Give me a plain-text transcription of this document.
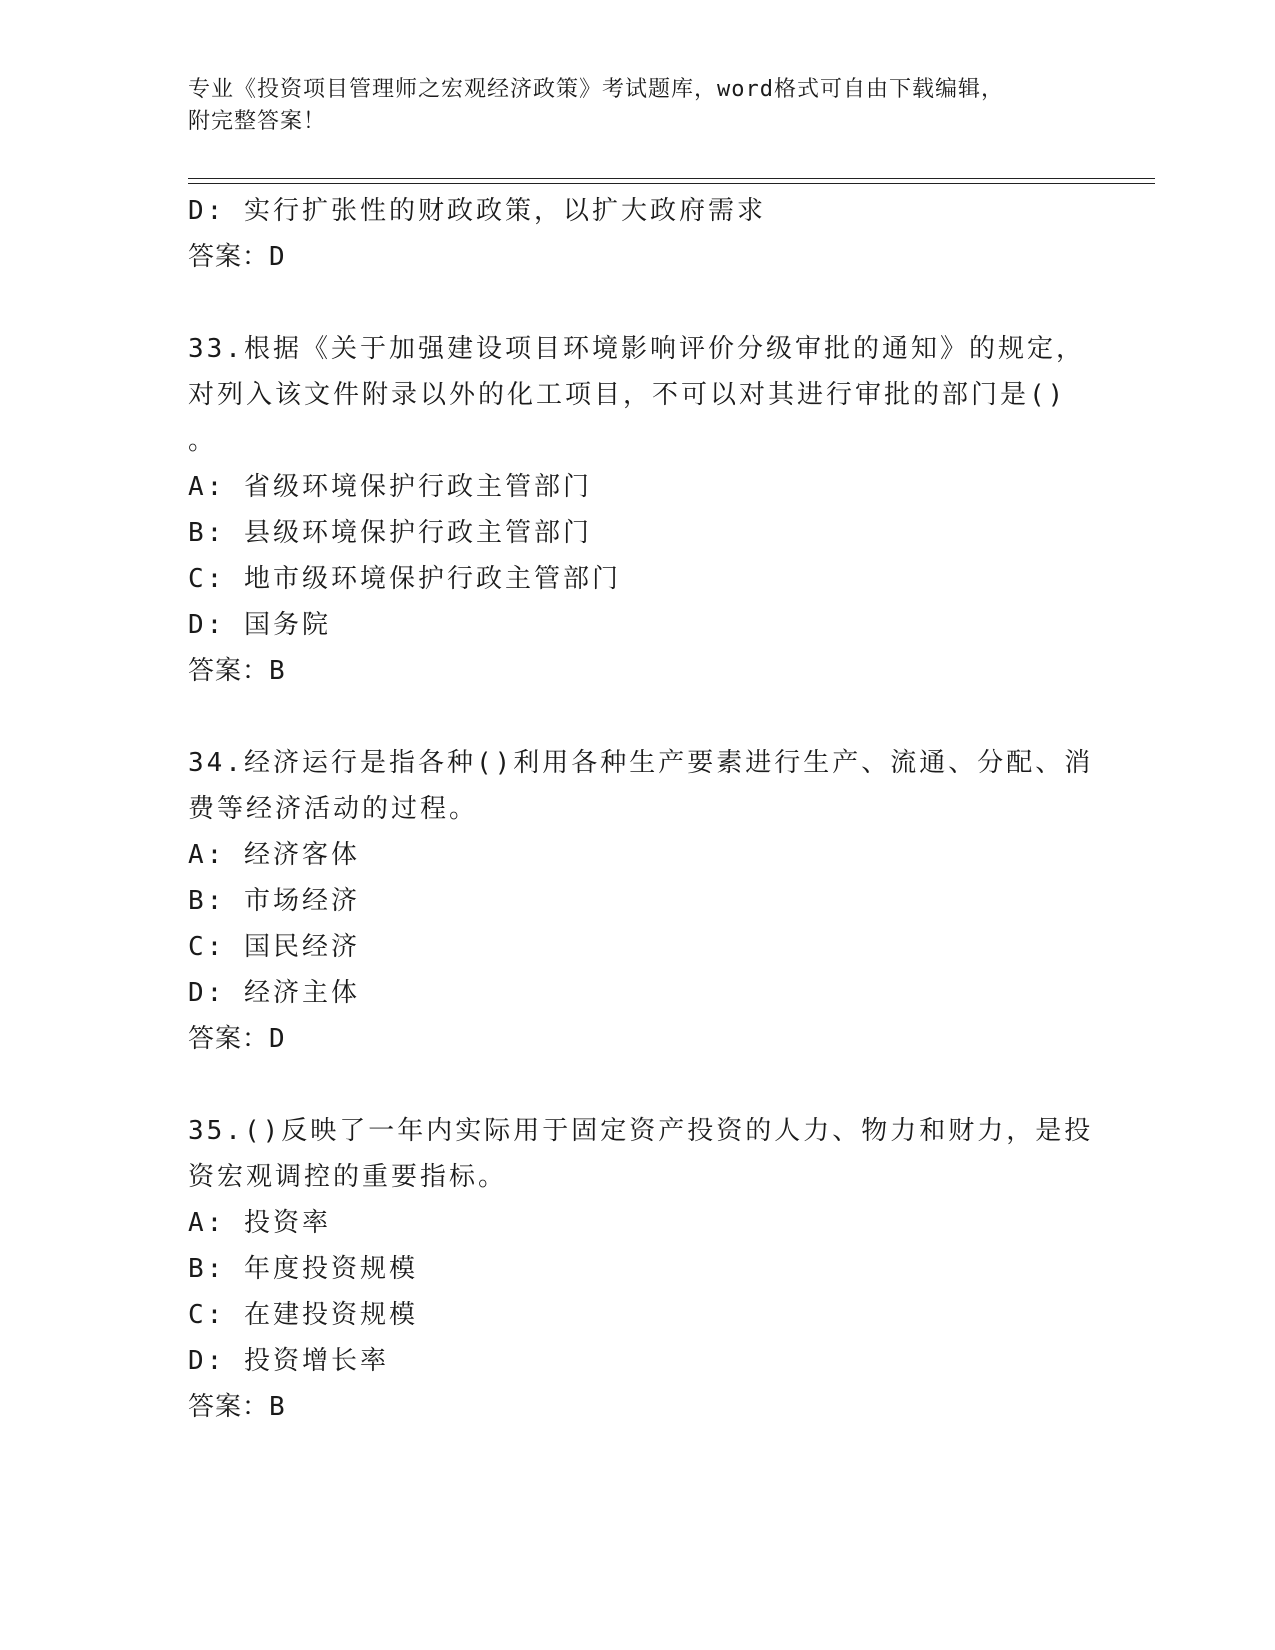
专业《投资项目管理师之宏观经济政策》考试题库，word格式可自由下载编辑，
附完整答案！
D: 实行扩张性的财政政策，以扩大政府需求
答案：D
33.根据《关于加强建设项目环境影响评价分级审批的通知》的规定，
对列入该文件附录以外的化工项目，不可以对其进行审批的部门是()
。
A: 省级环境保护行政主管部门
B: 县级环境保护行政主管部门
C: 地市级环境保护行政主管部门
D: 国务院
答案：B
34.经济运行是指各种()利用各种生产要素进行生产、流通、分配、消
费等经济活动的过程。
A: 经济客体
B: 市场经济
C: 国民经济
D: 经济主体
答案：D
35.()反映了一年内实际用于固定资产投资的人力、物力和财力，是投
资宏观调控的重要指标。
A: 投资率
B: 年度投资规模
C: 在建投资规模
D: 投资增长率
答案：B
